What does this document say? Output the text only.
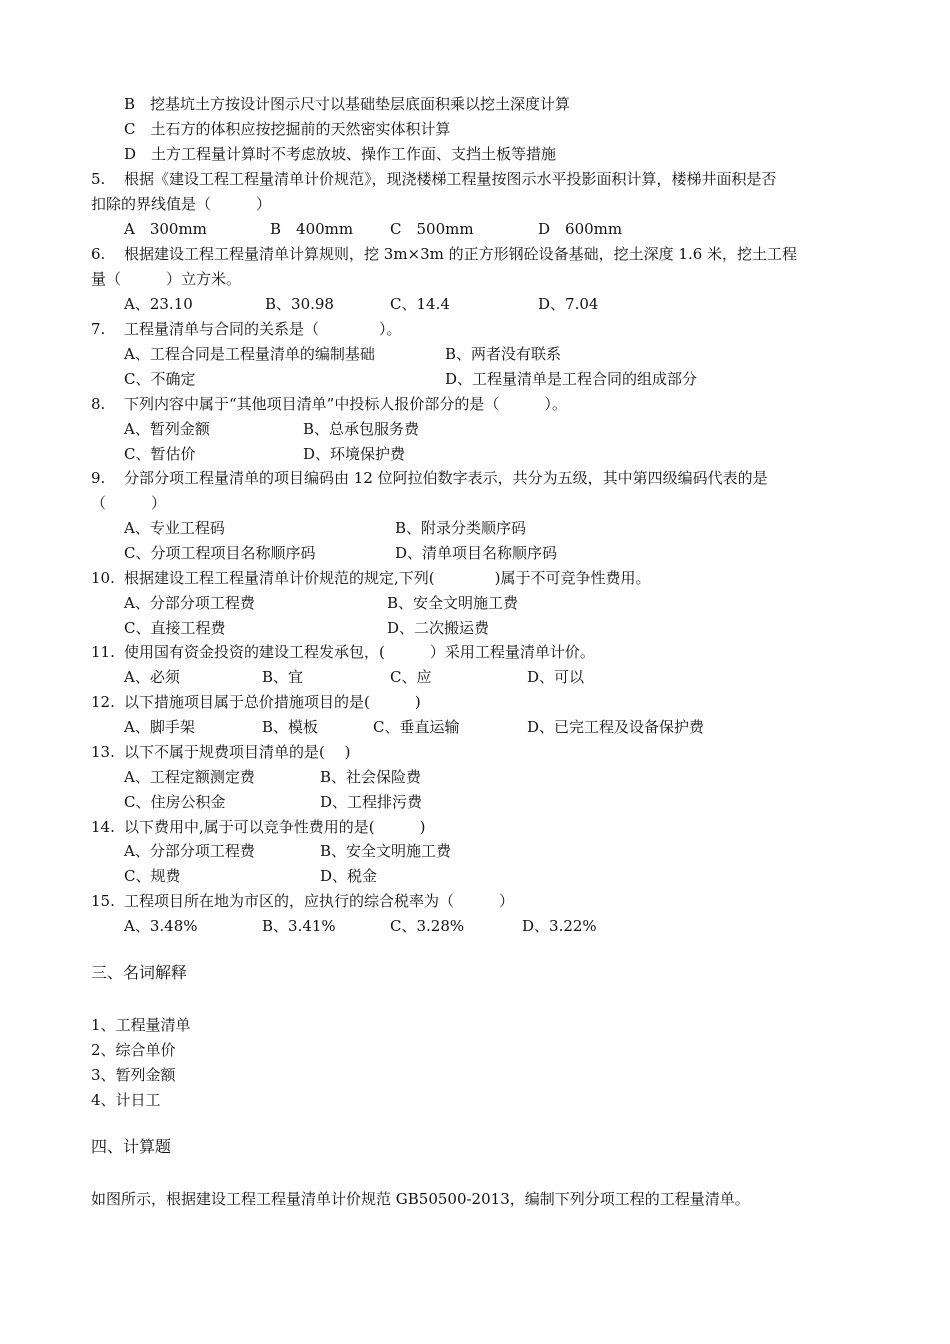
B　挖基坑土方按设计图示尺寸以基础垫层底面积乘以挖土深度计算
C　土石方的体积应按挖掘前的天然密实体积计算
D　土方工程量计算时不考虑放坡、操作工作面、支挡土板等措施
5. 根据《建设工程工程量清单计价规范》，现浇楼梯工程量按图示水平投影面积计算，楼梯井面积是否
扣除的界线值是（　　　）
A　300mm	B　400mm C　500mm	D　600mm
6. 根据建设工程工程量清单计算规则，挖 3m×3m 的正方形钢砼设备基础，挖土深度 1.6 米，挖土工程
量（　　　）立方米。
A、23.10	B、30.98	C、14.4	D、7.04
7. 工程量清单与合同的关系是（　　　　）。
A、工程合同是工程量清单的编制基础	B、两者没有联系
C、不确定	D、工程量清单是工程合同的组成部分
8. 下列内容中属于“其他项目清单”中投标人报价部分的是（　　　）。
A、暂列金额	B、总承包服务费
C、暂估价	D、环境保护费
9. 分部分项工程量清单的项目编码由 12 位阿拉伯数字表示，共分为五级，其中第四级编码代表的是
（　　　）
A、专业工程码	B、附录分类顺序码
C、分项工程项目名称顺序码	D、清单项目名称顺序码
10. 根据建设工程工程量清单计价规范的规定,下列(　　　　)属于不可竞争性费用。
A、分部分项工程费	B、安全文明施工费
C、直接工程费	D、二次搬运费
11. 使用国有资金投资的建设工程发承包，(　　　）采用工程量清单计价。
A、必须	B、宜	C、应	D、可以
12. 以下措施项目属于总价措施项目的是(　　　)
A、脚手架	B、模板	C、垂直运输	D、已完工程及设备保护费
13. 以下不属于规费项目清单的是(　 )
A、工程定额测定费	B、社会保险费
C、住房公积金	D、工程排污费
14. 以下费用中,属于可以竞争性费用的是(　　　)
A、分部分项工程费	B、安全文明施工费
C、规费	D、税金
15. 工程项目所在地为市区的，应执行的综合税率为（　　　）
A、3.48%	B、3.41%	C、3.28%	D、3.22%
三、名词解释
1、工程量清单
2、综合单价
3、暂列金额
4、计日工
四、计算题
如图所示，根据建设工程工程量清单计价规范 GB50500-2013，编制下列分项工程的工程量清单。
